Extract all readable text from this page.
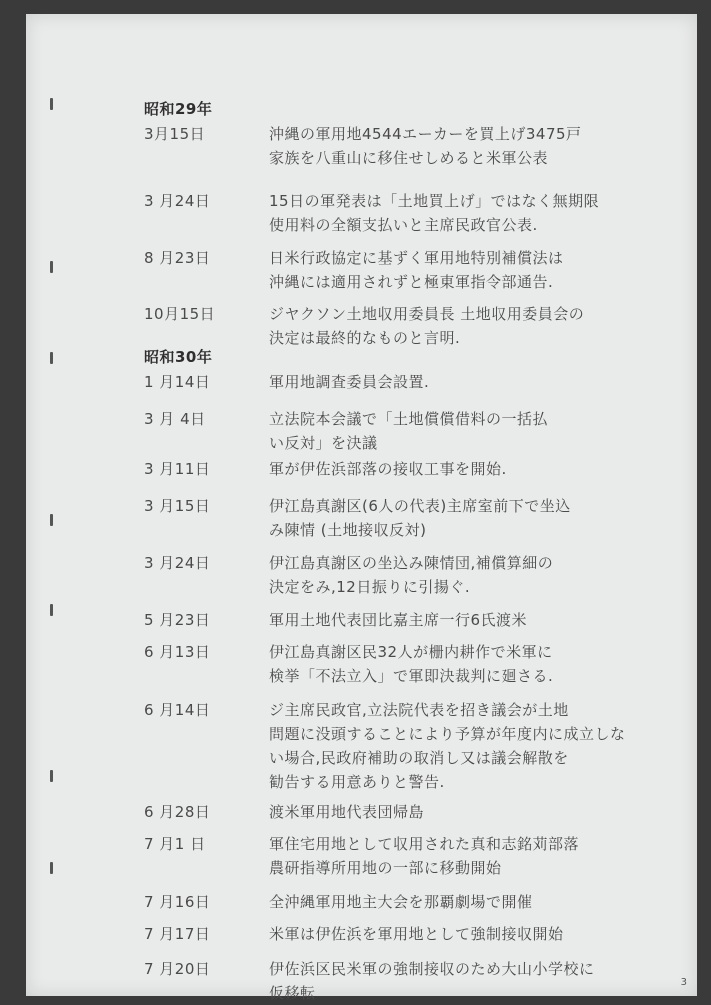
昭和29年
3月15日	沖縄の軍用地4544エーカーを買上げ3475戸
家族を八重山に移住せしめると米軍公表
3 月24日	15日の軍発表は「土地買上げ」ではなく無期限
使用料の全額支払いと主席民政官公表.
8 月23日	日米行政協定に基ずく軍用地特別補償法は
沖縄には適用されずと極東軍指令部通告.
10月15日	ジヤクソン土地収用委員長 土地収用委員会の
決定は最終的なものと言明.
昭和30年
1 月14日	軍用地調査委員会設置.
3 月 4日	立法院本会議で「土地償償借料の一括払
い反対」を決議
3 月11日	軍が伊佐浜部落の接収工事を開始.
3 月15日	伊江島真謝区(6人の代表)主席室前下で坐込
み陳情 (土地接収反対)
3 月24日	伊江島真謝区の坐込み陳情団,補償算細の
決定をみ,12日振りに引揚ぐ.
5 月23日	軍用土地代表団比嘉主席一行6氏渡米
6 月13日	伊江島真謝区民32人が栅内耕作で米軍に
検挙「不法立入」で軍即決裁判に廻さる.
6 月14日	ジ主席民政官,立法院代表を招き議会が土地
問題に没頭することにより予算が年度内に成立しな
い場合,民政府補助の取消し又は議会解散を
勧告する用意ありと警告.
6 月28日	渡米軍用地代表団帰島
7 月1 日	軍住宅用地として収用された真和志銘苅部落
農研指導所用地の一部に移動開始
7 月16日	全沖縄軍用地主大会を那覇劇場で開催
7 月17日	米軍は伊佐浜を軍用地として強制接収開始
7 月20日	伊佐浜区民米軍の強制接収のため大山小学校に
仮移転
3
